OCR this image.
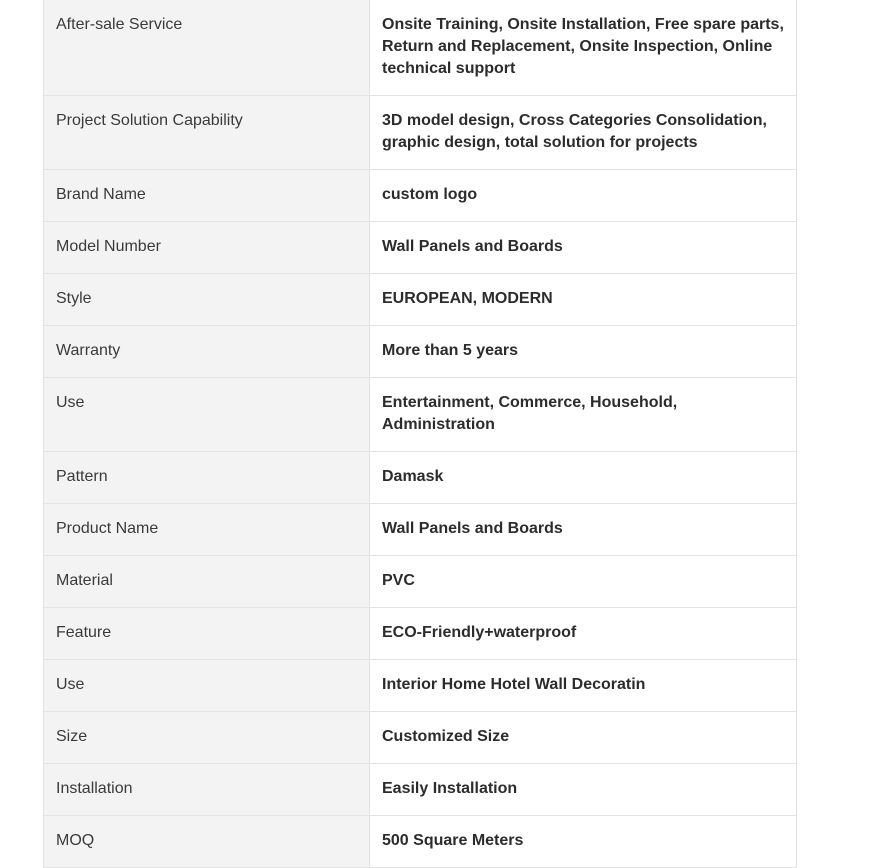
After-sale Service	Onsite Training, Onsite Installation, Free spare parts, Return and Replacement, Onsite Inspection, Online technical support
Project Solution Capability	3D model design, Cross Categories Consolidation, graphic design, total solution for projects
Brand Name	custom logo
Model Number	Wall Panels and Boards
Style	EUROPEAN, MODERN
Warranty	More than 5 years
Use	Entertainment, Commerce, Household, Administration
Pattern	Damask
Product Name	Wall Panels and Boards
Material	PVC
Feature	ECO-Friendly+waterproof
Use	Interior Home Hotel Wall Decoratin
Size	Customized Size
Installation	Easily Installation
MOQ	500 Square Meters
